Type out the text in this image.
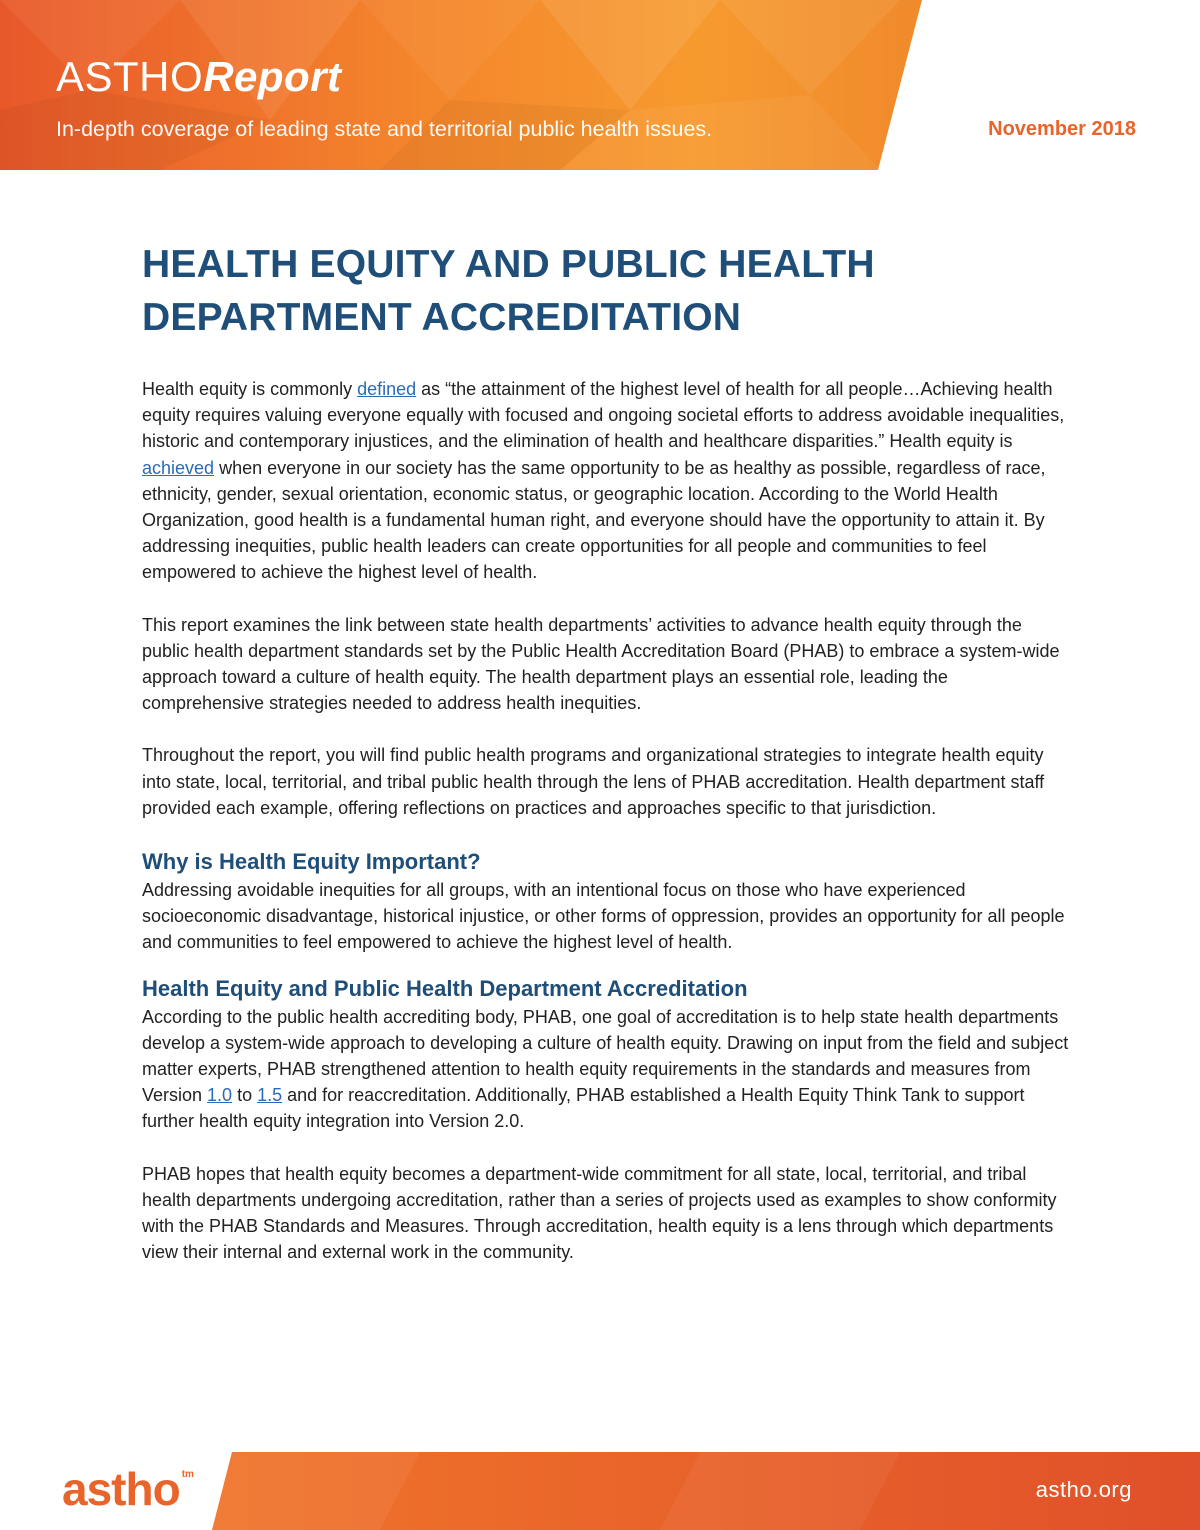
ASTHOReport
In-depth coverage of leading state and territorial public health issues.	November 2018
HEALTH EQUITY AND PUBLIC HEALTH DEPARTMENT ACCREDITATION

Health equity is commonly defined as “the attainment of the highest level of health for all people…Achieving health equity requires valuing everyone equally with focused and ongoing societal efforts to address avoidable inequalities, historic and contemporary injustices, and the elimination of health and healthcare disparities.” Health equity is achieved when everyone in our society has the same opportunity to be as healthy as possible, regardless of race, ethnicity, gender, sexual orientation, economic status, or geographic location. According to the World Health Organization, good health is a fundamental human right, and everyone should have the opportunity to attain it. By addressing inequities, public health leaders can create opportunities for all people and communities to feel empowered to achieve the highest level of health.

This report examines the link between state health departments’ activities to advance health equity through the public health department standards set by the Public Health Accreditation Board (PHAB) to embrace a system-wide approach toward a culture of health equity. The health department plays an essential role, leading the comprehensive strategies needed to address health inequities.

Throughout the report, you will find public health programs and organizational strategies to integrate health equity into state, local, territorial, and tribal public health through the lens of PHAB accreditation. Health department staff provided each example, offering reflections on practices and approaches specific to that jurisdiction.

Why is Health Equity Important?

Addressing avoidable inequities for all groups, with an intentional focus on those who have experienced socioeconomic disadvantage, historical injustice, or other forms of oppression, provides an opportunity for all people and communities to feel empowered to achieve the highest level of health.

Health Equity and Public Health Department Accreditation

According to the public health accrediting body, PHAB, one goal of accreditation is to help state health departments develop a system-wide approach to developing a culture of health equity. Drawing on input from the field and subject matter experts, PHAB strengthened attention to health equity requirements in the standards and measures from Version 1.0 to 1.5 and for reaccreditation. Additionally, PHAB established a Health Equity Think Tank to support further health equity integration into Version 2.0.

PHAB hopes that health equity becomes a department-wide commitment for all state, local, territorial, and tribal health departments undergoing accreditation, rather than a series of projects used as examples to show conformity with the PHAB Standards and Measures. Through accreditation, health equity is a lens through which departments view their internal and external work in the community.

astho $^{tm}$
astho.org
